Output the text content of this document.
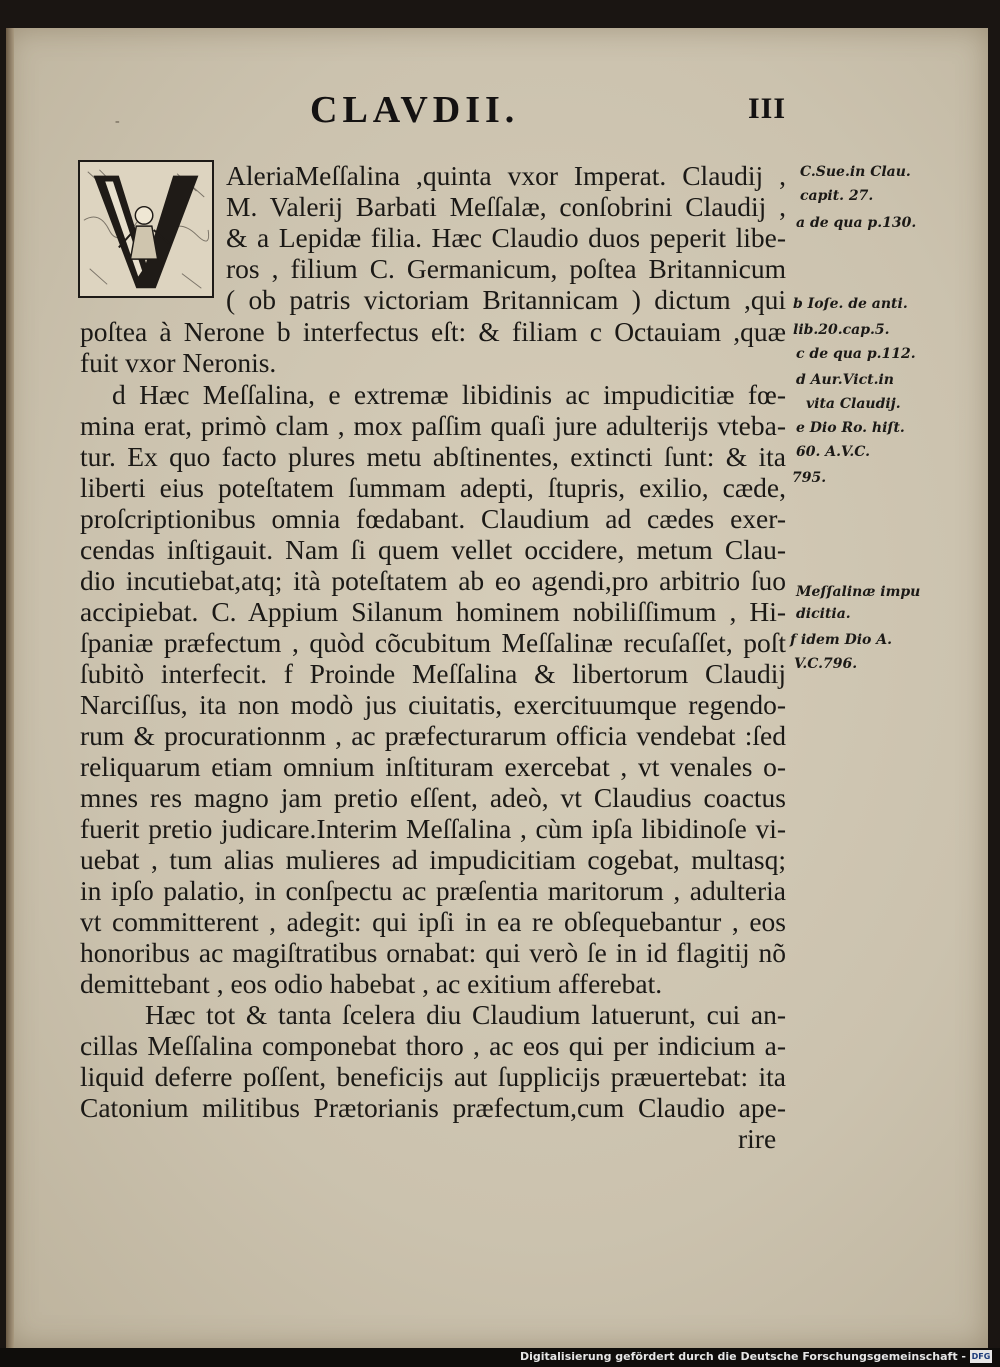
-	CLAVDII.	III
V	AleriaMeſſalina ,quinta vxor Imperat. Claudij ,
M. Valerij Barbati Meſſalæ, conſobrini Claudij ,
& a Lepidæ filia. Hæc Claudio duos peperit libe-
ros , filium C. Germanicum, poſtea Britannicum
( ob patris victoriam Britannicam ) dictum ,qui
poſtea à Nerone b interfectus eſt: & filiam c Octauiam ,quæ
fuit vxor Neronis.
d Hæc Meſſalina, e extremæ libidinis ac impudicitiæ fœ-
mina erat, primò clam , mox paſſim quaſi jure adulterijs vteba-
tur. Ex quo facto plures metu abſtinentes, extincti ſunt: & ita
liberti eius poteſtatem ſummam adepti, ſtupris, exilio, cæde,
proſcriptionibus omnia fœdabant. Claudium ad cædes exer-
cendas inſtigauit. Nam ſi quem vellet occidere, metum Clau-
dio incutiebat,atq; ità poteſtatem ab eo agendi,pro arbitrio ſuo
accipiebat. C. Appium Silanum hominem nobiliſſimum , Hi-
ſpaniæ præfectum , quòd cõcubitum Meſſalinæ recuſaſſet, poſt
ſubitò interfecit. f Proinde Meſſalina & libertorum Claudij
Narciſſus, ita non modò jus ciuitatis, exercituumque regendo-
rum & procurationnm , ac præfecturarum officia vendebat :ſed
reliquarum etiam omnium inſtituram exercebat , vt venales o-
mnes res magno jam pretio eſſent, adeò, vt Claudius coactus
fuerit pretio judicare.Interim Meſſalina , cùm ipſa libidinoſe vi-
uebat , tum alias mulieres ad impudicitiam cogebat, multasq;
in ipſo palatio, in conſpectu ac præſentia maritorum , adulteria
vt committerent , adegit: qui ipſi in ea re obſequebantur , eos
honoribus ac magiſtratibus ornabat: qui verò ſe in id flagitij nõ
demittebant , eos odio habebat , ac exitium afferebat.
Hæc tot & tanta ſcelera diu Claudium latuerunt, cui an-
cillas Meſſalina componebat thoro , ac eos qui per indicium a-
liquid deferre poſſent, beneficijs aut ſupplicijs præuertebat: ita
Catonium militibus Prætorianis præfectum,cum Claudio ape-
rire
C.Sue.in Clau.
capit. 27.
a de qua p.130.
b Ioſe. de anti.
lib.20.cap.5.
c de qua p.112.
d Aur.Vict.in
vita Claudij.
e Dio Ro. hiſt.
60. A.V.C.
795.
Meſſalinæ impu
dicitia.
f idem Dio A.
V.C.796.
Digitalisierung gefördert durch die Deutsche Forschungsgemeinschaft - DFG
